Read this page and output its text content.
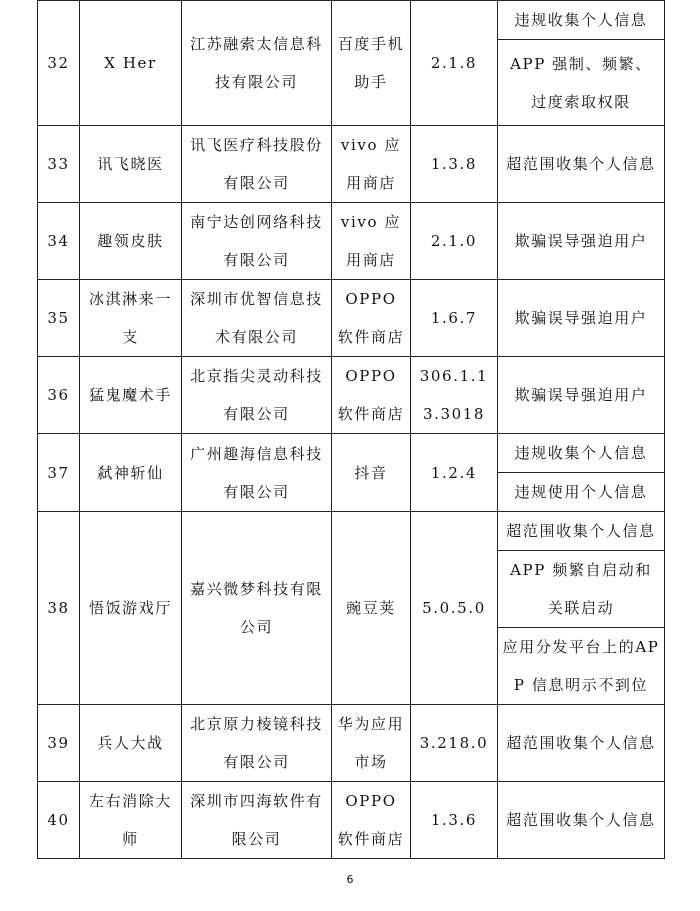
32	X Her	江苏融索太信息科技有限公司	百度手机助手	2.1.8	违规收集个人信息
					APP 强制、频繁、过度索取权限

33	讯飞晓医	讯飞医疗科技股份有限公司	vivo 应用商店	1.3.8	超范围收集个人信息
34	趣领皮肤	南宁达创网络科技有限公司	vivo 应用商店	2.1.0	欺骗误导强迫用户
35	冰淇淋来一支	深圳市优智信息技术有限公司	OPPO 软件商店	1.6.7	欺骗误导强迫用户
36	猛鬼魔术手	北京指尖灵动科技有限公司	OPPO 软件商店	306.1.13.3018	欺骗误导强迫用户
37	弑神斩仙	广州趣海信息科技有限公司	抖音	1.2.4	违规收集个人信息
					违规使用个人信息
38	悟饭游戏厅	嘉兴微梦科技有限公司	豌豆荚	5.0.5.0	超范围收集个人信息
					APP 频繁自启动和关联启动
					应用分发平台上的APP 信息明示不到位
39	兵人大战	北京原力棱镜科技有限公司	华为应用市场	3.218.0	超范围收集个人信息
40	左右消除大师	深圳市四海软件有限公司	OPPO 软件商店	1.3.6	超范围收集个人信息
6
